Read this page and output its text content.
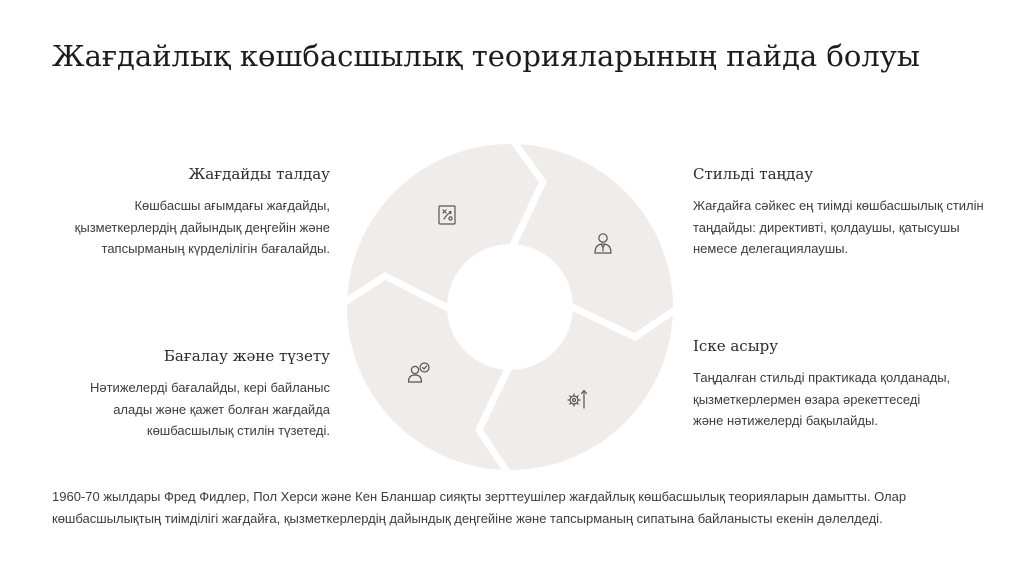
Жағдайлық көшбасшылық теорияларының пайда болуы
Жағдайды талдау

Көшбасшы ағымдағы жағдайды, қызметкерлердің дайындық деңгейін және тапсырманың күрделілігін бағалайды.

Стильді таңдау

Жағдайға сәйкес ең тиімді көшбасшылық стилін таңдайды: директивті, қолдаушы, қатысушы немесе делегациялаушы.

Іске асыру

Таңдалған стильді практикада қолданады, қызметкерлермен өзара әрекеттеседі және нәтижелерді бақылайды.

Бағалау және түзету

Нәтижелерді бағалайды, кері байланыс алады және қажет болған жағдайда көшбасшылық стилін түзетеді.

1960-70 жылдары Фред Фидлер, Пол Херси және Кен Бланшар сияқты зерттеушілер жағдайлық көшбасшылық теорияларын дамытты. Олар көшбасшылықтың тиімділігі жағдайға, қызметкерлердің дайындық деңгейіне және тапсырманың сипатына байланысты екенін дәлелдеді.
